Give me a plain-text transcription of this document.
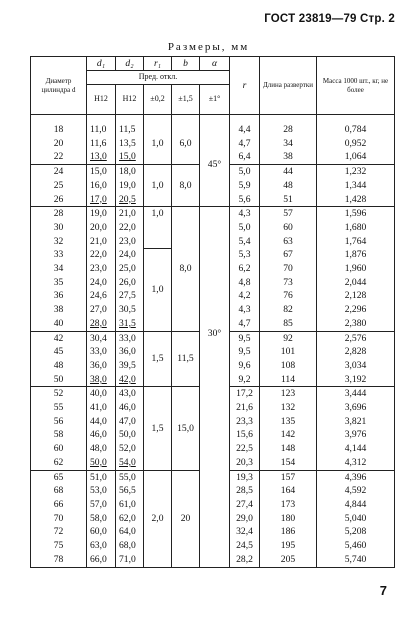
ГОСТ 23819—79 Стр. 2
Размеры, мм
Диаметр цилиндра d	d₁	d₂	r₁	b	α	r	Длина развертки	Масса 1000 шт., кг, не более
	Пред. откл.							
	H12	H12	±0,2	±1,5	±1°			
18	11,0	11,5	1,0	6,0	45°	4,4	28	0,784
20	11,6	13,5				4,7	34	0,952
22	13,0	15,0				6,4	38	1,064
24	15,0	18,0	1,0	8,0		5,0	44	1,232
25	16,0	19,0				5,9	48	1,344
26	17,0	20,5				5,6	51	1,428
28	19,0	21,0	1,0	8,0	30°	4,3	57	1,596
30	20,0	22,0				5,0	60	1,680
32	21,0	23,0				5,4	63	1,764
33	22,0	24,0	1,0			5,3	67	1,876
34	23,0	25,0				6,2	70	1,960
35	24,0	26,0				4,8	73	2,044
36	24,6	27,5				4,2	76	2,128
38	27,0	30,5				4,3	82	2,296
40	28,0	31,5				4,7	85	2,380
42	30,4	33,0	1,5	11,5		9,5	92	2,576
45	33,0	36,0				9,5	101	2,828
48	36,0	39,5				9,6	108	3,034
50	38,0	42,0				9,2	114	3,192
52	40,0	43,0	1,5	15,0		17,2	123	3,444
55	41,0	46,0				21,6	132	3,696
56	44,0	47,0				23,3	135	3,821
58	46,0	50,0				15,6	142	3,976
60	48,0	52,0				22,5	148	4,144
62	50,0	54,0				20,3	154	4,312
65	51,0	55,0	2,0	20		19,3	157	4,396
68	53,0	56,5				28,5	164	4,592
66	57,0	61,0				27,4	173	4,844
70	58,0	62,0				29,0	180	5,040
72	60,0	64,0				32,4	186	5,208
75	63,0	68,0				24,5	195	5,460
78	66,0	71,0				28,2	205	5,740
7
